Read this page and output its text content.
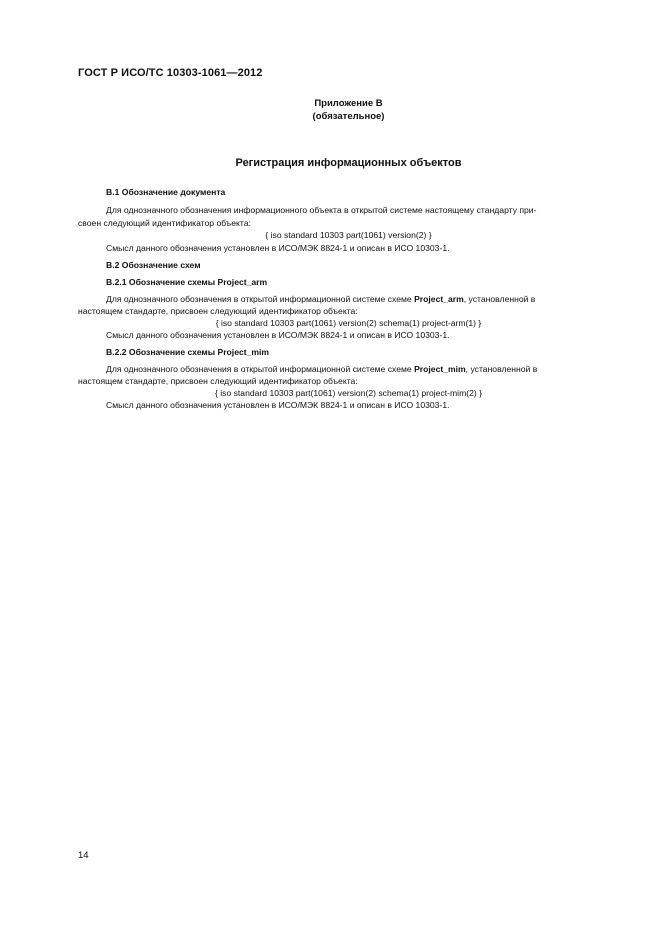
ГОСТ Р ИСО/ТС 10303-1061—2012
Приложение В
(обязательное)
Регистрация информационных объектов
В.1 Обозначение документа
Для однозначного обозначения информационного объекта в открытой системе настоящему стандарту при-
своен следующий идентификатор объекта:
{ iso standard 10303 part(1061) version(2) }
Смысл данного обозначения установлен в ИСО/МЭК 8824-1 и описан в ИСО 10303-1.
В.2 Обозначение схем
В.2.1 Обозначение схемы Project_arm
Для однозначного обозначения в открытой информационной системе схеме Project_arm, установленной в
настоящем стандарте, присвоен следующий идентификатор объекта:
{ iso standard 10303 part(1061) version(2) schema(1) project-arm(1) }
Смысл данного обозначения установлен в ИСО/МЭК 8824-1 и описан в ИСО 10303-1.
В.2.2 Обозначение схемы Project_mim
Для однозначного обозначения в открытой информационной системе схеме Project_mim, установленной в
настоящем стандарте, присвоен следующий идентификатор объекта:
{ iso standard 10303 part(1061) version(2) schema(1) project-mim(2) }
Смысл данного обозначения установлен в ИСО/МЭК 8824-1 и описан в ИСО 10303-1.
14
